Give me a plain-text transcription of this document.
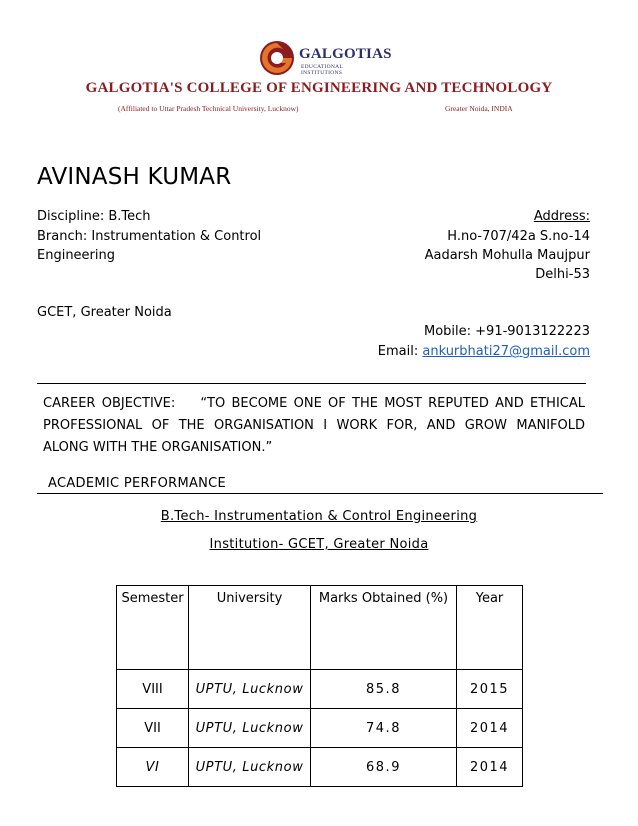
GALGOTIAS
EDUCATIONAL INSTITUTIONS
GALGOTIA'S COLLEGE OF ENGINEERING AND TECHNOLOGY
(Affiliated to Uttar Pradesh Technical University, Lucknow)	Greater Noida, INDIA
AVINASH KUMAR
Discipline: B.Tech
Branch: Instrumentation & Control
Engineering
GCET, Greater Noida
Address:
H.no-707/42a S.no-14
Aadarsh Mohulla Maujpur
Delhi-53
Mobile: +91-9013122223
Email: ankurbhati27@gmail.com
CAREER OBJECTIVE: “TO BECOME ONE OF THE MOST REPUTED AND ETHICAL PROFESSIONAL OF THE ORGANISATION I WORK FOR, AND GROW MANIFOLD ALONG WITH THE ORGANISATION.”
ACADEMIC PERFORMANCE
B.Tech- Instrumentation & Control Engineering
Institution- GCET, Greater Noida
Semester	University	Marks Obtained (%)	Year
VIII	UPTU, Lucknow	85.8	2015
VII	UPTU, Lucknow	74.8	2014
VI	UPTU, Lucknow	68.9	2014
